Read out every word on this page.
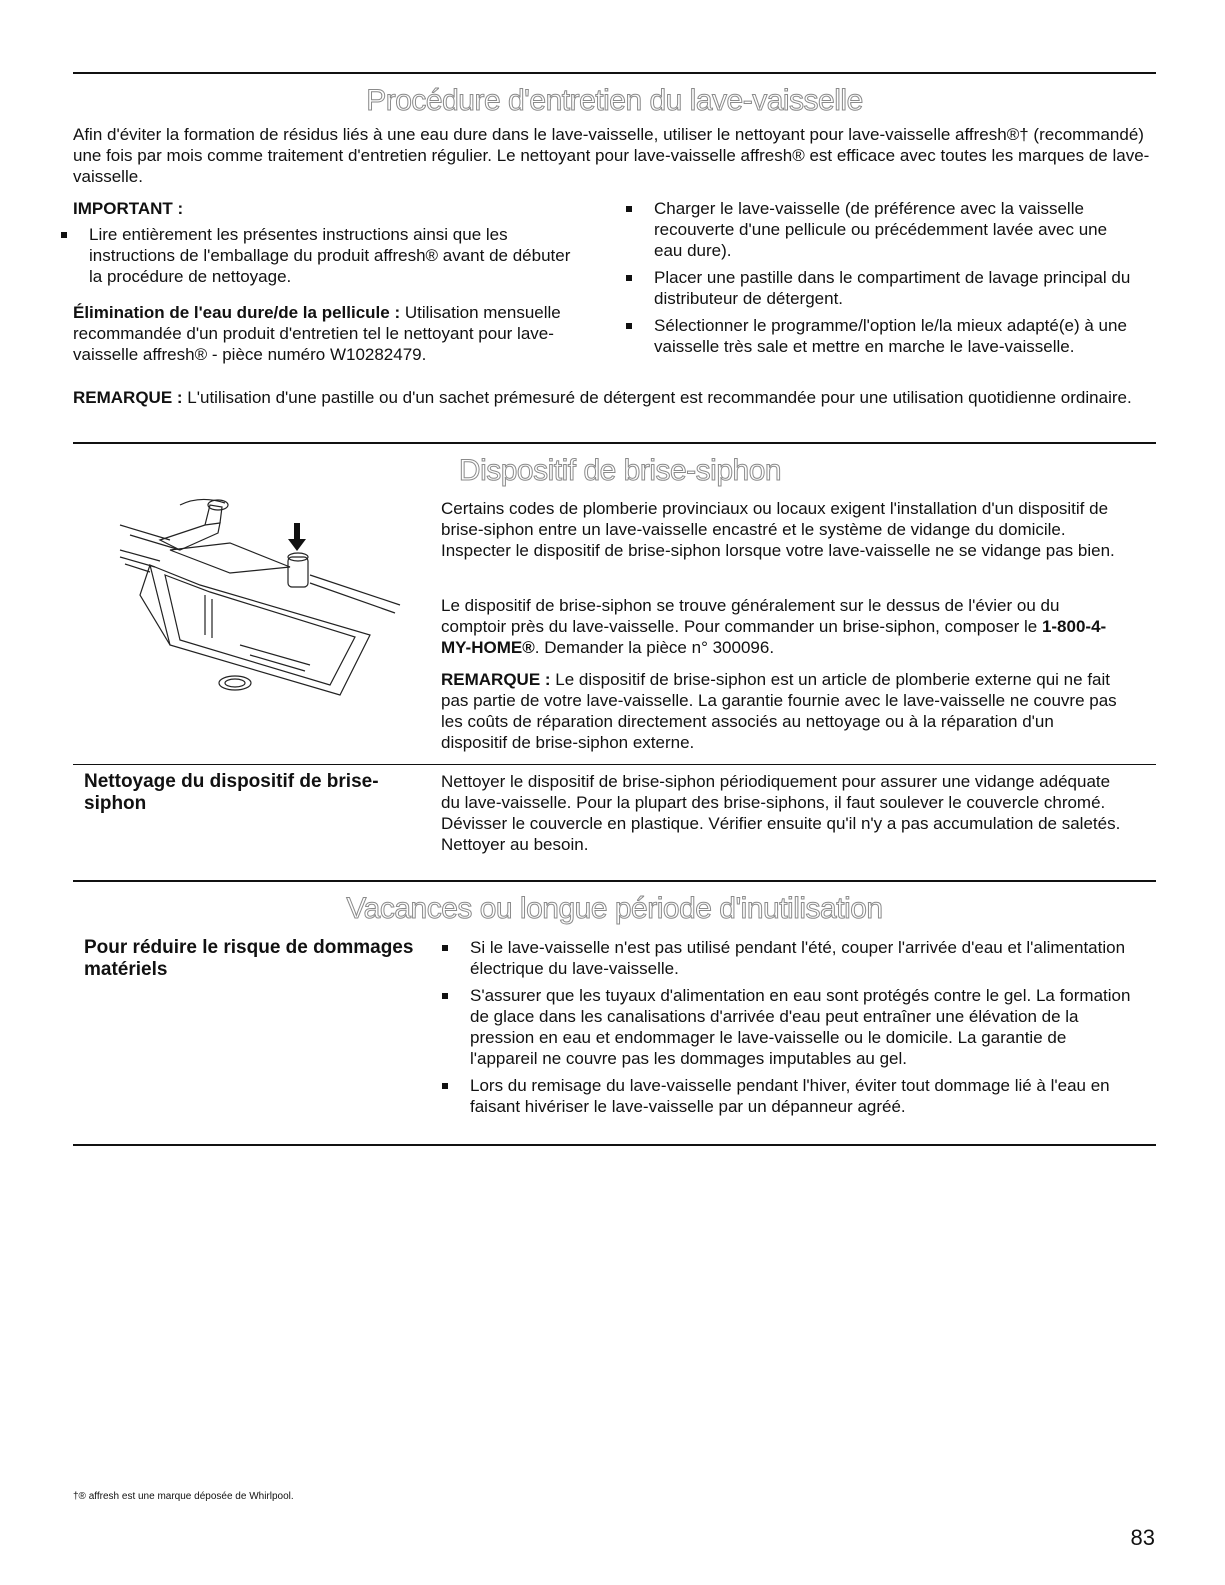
Procédure d'entretien du lave-vaisselle

Afin d'éviter la formation de résidus liés à une eau dure dans le lave-vaisselle, utiliser le nettoyant pour lave-vaisselle affresh®† (recommandé) une fois par mois comme traitement d'entretien régulier. Le nettoyant pour lave-vaisselle affresh® est efficace avec toutes les marques de lave-vaisselle.

IMPORTANT :

Lire entièrement les présentes instructions ainsi que les instructions de l'emballage du produit affresh® avant de débuter la procédure de nettoyage.

Élimination de l'eau dure/de la pellicule : Utilisation mensuelle recommandée d'un produit d'entretien tel le nettoyant pour lave-vaisselle affresh® - pièce numéro W10282479.

Charger le lave-vaisselle (de préférence avec la vaisselle recouverte d'une pellicule ou précédemment lavée avec une eau dure).
Placer une pastille dans le compartiment de lavage principal du distributeur de détergent.
Sélectionner le programme/l'option le/la mieux adapté(e) à une vaisselle très sale et mettre en marche le lave-vaisselle.

REMARQUE : L'utilisation d'une pastille ou d'un sachet prémesuré de détergent est recommandée pour une utilisation quotidienne ordinaire.

Dispositif de brise-siphon

Certains codes de plomberie provinciaux ou locaux exigent l'installation d'un dispositif de brise-siphon entre un lave-vaisselle encastré et le système de vidange du domicile. Inspecter le dispositif de brise-siphon lorsque votre lave-vaisselle ne se vidange pas bien.

Le dispositif de brise-siphon se trouve généralement sur le dessus de l'évier ou du comptoir près du lave-vaisselle. Pour commander un brise-siphon, composer le 1-800-4-MY-HOME®. Demander la pièce n° 300096.

REMARQUE : Le dispositif de brise-siphon est un article de plomberie externe qui ne fait pas partie de votre lave-vaisselle. La garantie fournie avec le lave-vaisselle ne couvre pas les coûts de réparation directement associés au nettoyage ou à la réparation d'un dispositif de brise-siphon externe.

Nettoyage du dispositif de brise-siphon

Nettoyer le dispositif de brise-siphon périodiquement pour assurer une vidange adéquate du lave-vaisselle. Pour la plupart des brise-siphons, il faut soulever le couvercle chromé. Dévisser le couvercle en plastique. Vérifier ensuite qu'il n'y a pas accumulation de saletés. Nettoyer au besoin.

Vacances ou longue période d'inutilisation

Pour réduire le risque de dommages matériels

Si le lave-vaisselle n'est pas utilisé pendant l'été, couper l'arrivée d'eau et l'alimentation électrique du lave-vaisselle.
S'assurer que les tuyaux d'alimentation en eau sont protégés contre le gel. La formation de glace dans les canalisations d'arrivée d'eau peut entraîner une élévation de la pression en eau et endommager le lave-vaisselle ou le domicile. La garantie de l'appareil ne couvre pas les dommages imputables au gel.
Lors du remisage du lave-vaisselle pendant l'hiver, éviter tout dommage lié à l'eau en faisant hivériser le lave-vaisselle par un dépanneur agréé.

†® affresh est une marque déposée de Whirlpool.

83
